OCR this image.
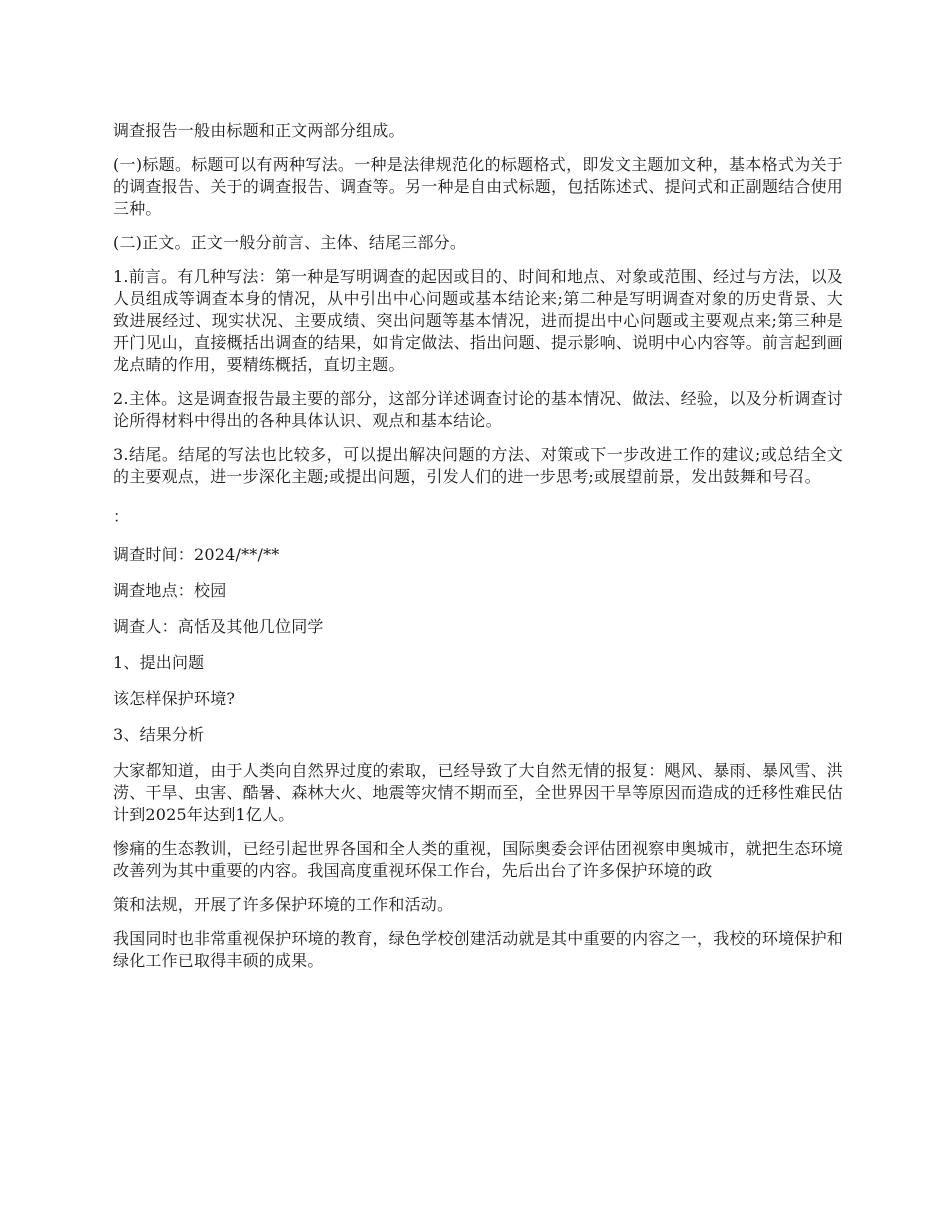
调查报告一般由标题和正文两部分组成。

(一)标题。标题可以有两种写法。一种是法律规范化的标题格式，即发文主题加文种，基本格式为关于的调查报告、关于的调查报告、调查等。另一种是自由式标题，包括陈述式、提问式和正副题结合使用三种。

(二)正文。正文一般分前言、主体、结尾三部分。

1.前言。有几种写法：第一种是写明调查的起因或目的、时间和地点、对象或范围、经过与方法，以及人员组成等调查本身的情况，从中引出中心问题或基本结论来;第二种是写明调查对象的历史背景、大致进展经过、现实状况、主要成绩、突出问题等基本情况，进而提出中心问题或主要观点来;第三种是开门见山，直接概括出调查的结果，如肯定做法、指出问题、提示影响、说明中心内容等。前言起到画龙点睛的作用，要精练概括，直切主题。

2.主体。这是调查报告最主要的部分，这部分详述调查讨论的基本情况、做法、经验，以及分析调查讨论所得材料中得出的各种具体认识、观点和基本结论。

3.结尾。结尾的写法也比较多，可以提出解决问题的方法、对策或下一步改进工作的建议;或总结全文的主要观点，进一步深化主题;或提出问题，引发人们的进一步思考;或展望前景，发出鼓舞和号召。

：

调查时间：2024/**/**

调查地点：校园

调查人：高恬及其他几位同学

1、提出问题

该怎样保护环境?

3、结果分析

大家都知道，由于人类向自然界过度的索取，已经导致了大自然无情的报复：飓风、暴雨、暴风雪、洪涝、干旱、虫害、酷暑、森林大火、地震等灾情不期而至，全世界因干旱等原因而造成的迁移性难民估计到2025年达到1亿人。

惨痛的生态教训，已经引起世界各国和全人类的重视，国际奥委会评估团视察申奥城市，就把生态环境改善列为其中重要的内容。我国高度重视环保工作台，先后出台了许多保护环境的政

策和法规，开展了许多保护环境的工作和活动。

我国同时也非常重视保护环境的教育，绿色学校创建活动就是其中重要的内容之一，我校的环境保护和绿化工作已取得丰硕的成果。
